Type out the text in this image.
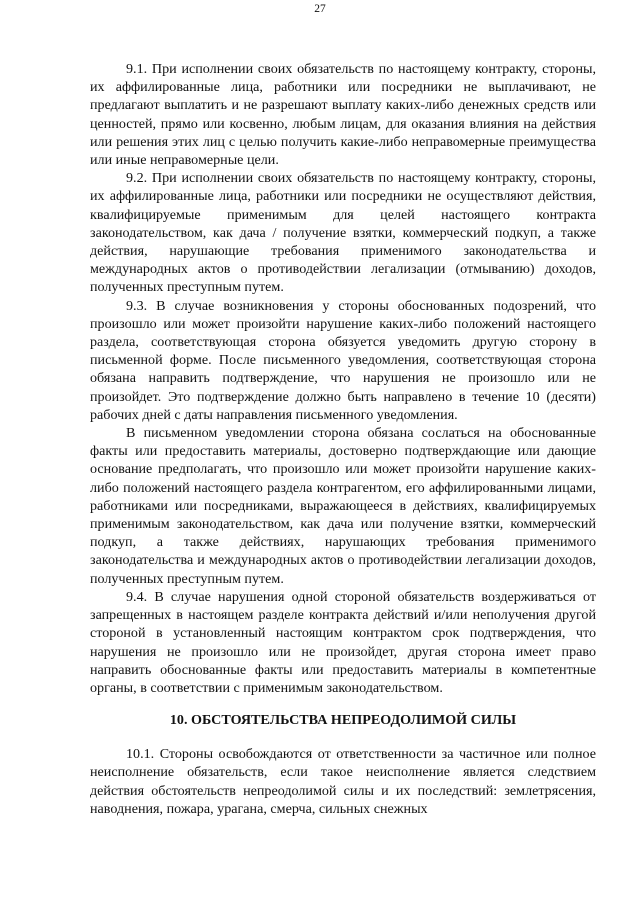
27

9.1. При исполнении своих обязательств по настоящему контракту, стороны, их аффилированные лица, работники или посредники не выплачивают, не предлагают выплатить и не разрешают выплату каких-либо денежных средств или ценностей, прямо или косвенно, любым лицам, для оказания влияния на действия или решения этих лиц с целью получить какие-либо неправомерные преимущества или иные неправомерные цели.

9.2. При исполнении своих обязательств по настоящему контракту, стороны, их аффилированные лица, работники или посредники не осуществляют действия, квалифицируемые применимым для целей настоящего контракта законодательством, как дача / получение взятки, коммерческий подкуп, а также действия, нарушающие требования применимого законодательства и международных актов о противодействии легализации (отмыванию) доходов, полученных преступным путем.

9.3. В случае возникновения у стороны обоснованных подозрений, что произошло или может произойти нарушение каких-либо положений настоящего раздела, соответствующая сторона обязуется уведомить другую сторону в письменной форме. После письменного уведомления, соответствующая сторона обязана направить подтверждение, что нарушения не произошло или не произойдет. Это подтверждение должно быть направлено в течение 10 (десяти) рабочих дней с даты направления письменного уведомления.

В письменном уведомлении сторона обязана сослаться на обоснованные факты или предоставить материалы, достоверно подтверждающие или дающие основание предполагать, что произошло или может произойти нарушение каких-либо положений настоящего раздела контрагентом, его аффилированными лицами, работниками или посредниками, выражающееся в действиях, квалифицируемых применимым законодательством, как дача или получение взятки, коммерческий подкуп, а также действиях, нарушающих требования применимого законодательства и международных актов о противодействии легализации доходов, полученных преступным путем.

9.4. В случае нарушения одной стороной обязательств воздерживаться от запрещенных в настоящем разделе контракта действий и/или неполучения другой стороной в установленный настоящим контрактом срок подтверждения, что нарушения не произошло или не произойдет, другая сторона имеет право направить обоснованные факты или предоставить материалы в компетентные органы, в соответствии с применимым законодательством.

10. ОБСТОЯТЕЛЬСТВА НЕПРЕОДОЛИМОЙ СИЛЫ

10.1. Стороны освобождаются от ответственности за частичное или полное неисполнение обязательств, если такое неисполнение является следствием действия обстоятельств непреодолимой силы и их последствий: землетрясения, наводнения, пожара, урагана, смерча, сильных снежных
